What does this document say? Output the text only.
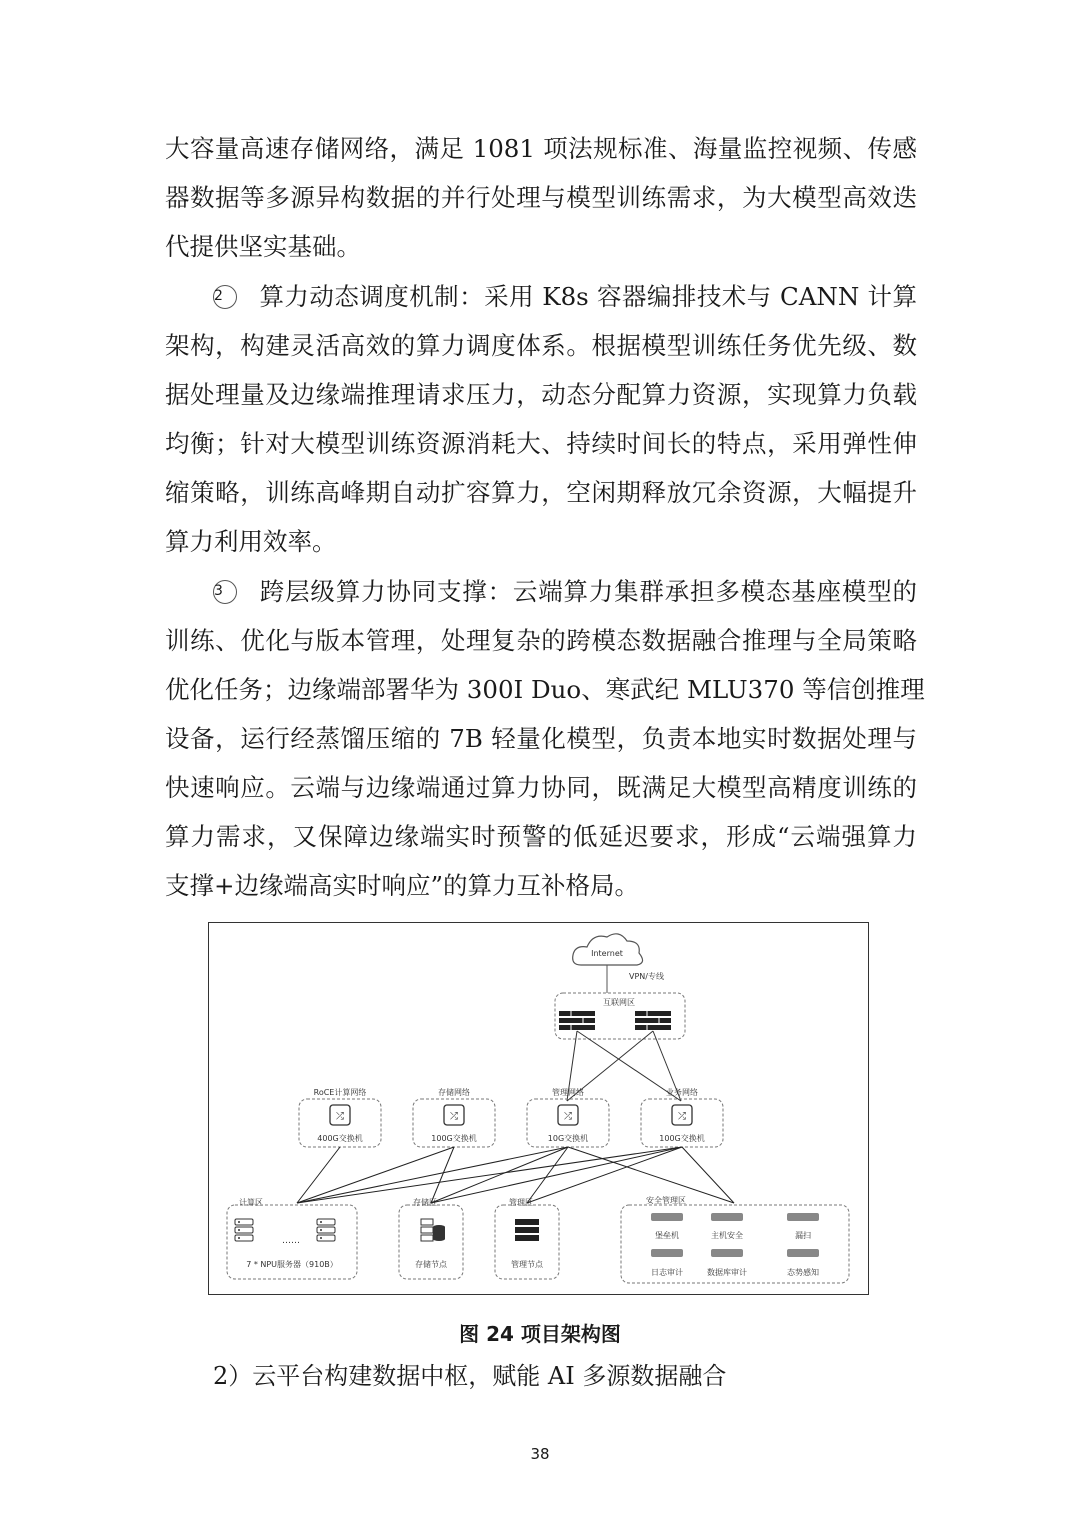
大容量高速存储网络，满足 1081 项法规标准、海量监控视频、传感
器数据等多源异构数据的并行处理与模型训练需求，为大模型高效迭
代提供坚实基础。

2 算力动态调度机制：采用 K8s 容器编排技术与 CANN 计算
架构，构建灵活高效的算力调度体系。根据模型训练任务优先级、数
据处理量及边缘端推理请求压力，动态分配算力资源，实现算力负载
均衡；针对大模型训练资源消耗大、持续时间长的特点，采用弹性伸
缩策略，训练高峰期自动扩容算力，空闲期释放冗余资源，大幅提升
算力利用效率。

3 跨层级算力协同支撑：云端算力集群承担多模态基座模型的
训练、优化与版本管理，处理复杂的跨模态数据融合推理与全局策略
优化任务；边缘端部署华为 300I Duo、寒武纪 MLU370 等信创推理
设备，运行经蒸馏压缩的 7B 轻量化模型，负责本地实时数据处理与
快速响应。云端与边缘端通过算力协同，既满足大模型高精度训练的
算力需求，又保障边缘端实时预警的低延迟要求，形成“云端强算力
支撑+边缘端高实时响应”的算力互补格局。

Internet
VPN/专线
互联网区
RoCE计算网络
⤮
400G交换机
存储网络
⤮
100G交换机
管理网络
⤮
10G交换机
业务网络
⤮
100G交换机
计算区
……
7 * NPU服务器（910B）
存储区
存储节点
管理区
管理节点
安全管理区
堡垒机	主机安全	漏扫
日志审计	数据库审计	态势感知
图 24 项目架构图
2）云平台构建数据中枢，赋能 AI 多源数据融合
38
